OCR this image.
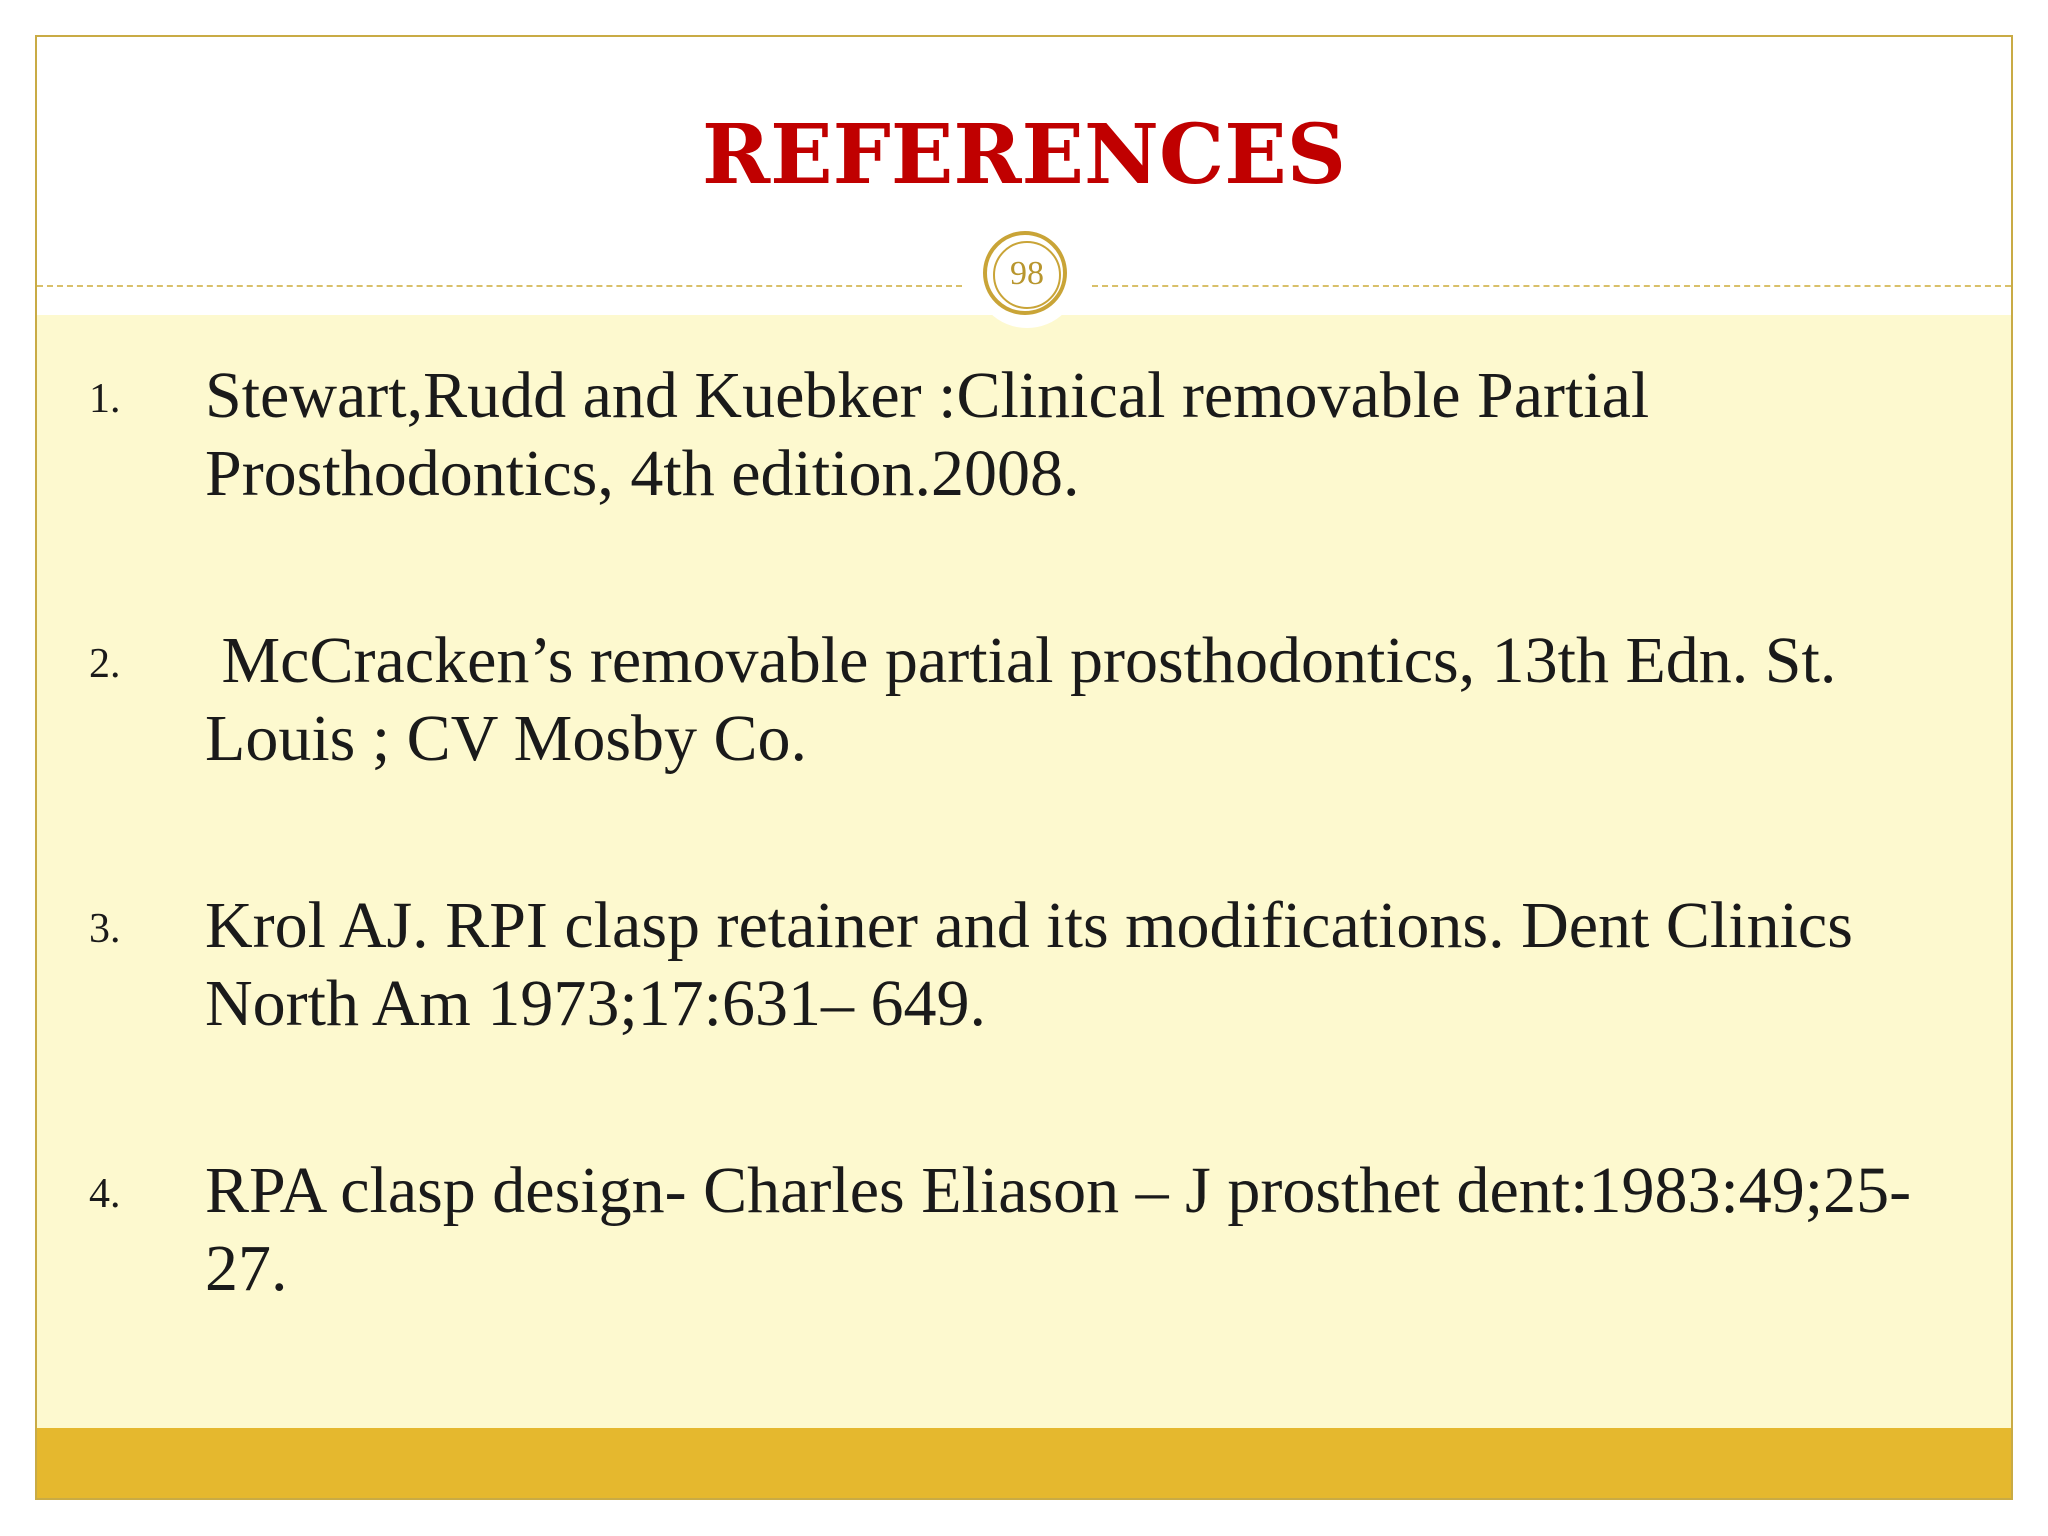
REFERENCES
98
1. Stewart,Rudd and Kuebker :Clinical removable Partial Prosthodontics, 4th edition.2008.
2. McCracken’s removable partial prosthodontics, 13th Edn. St. Louis ; CV Mosby Co.
3. Krol AJ. RPI clasp retainer and its modifications. Dent Clinics North Am 1973;17:631– 649.
4. RPA clasp design- Charles Eliason – J prosthet dent:1983:49;25-27.
